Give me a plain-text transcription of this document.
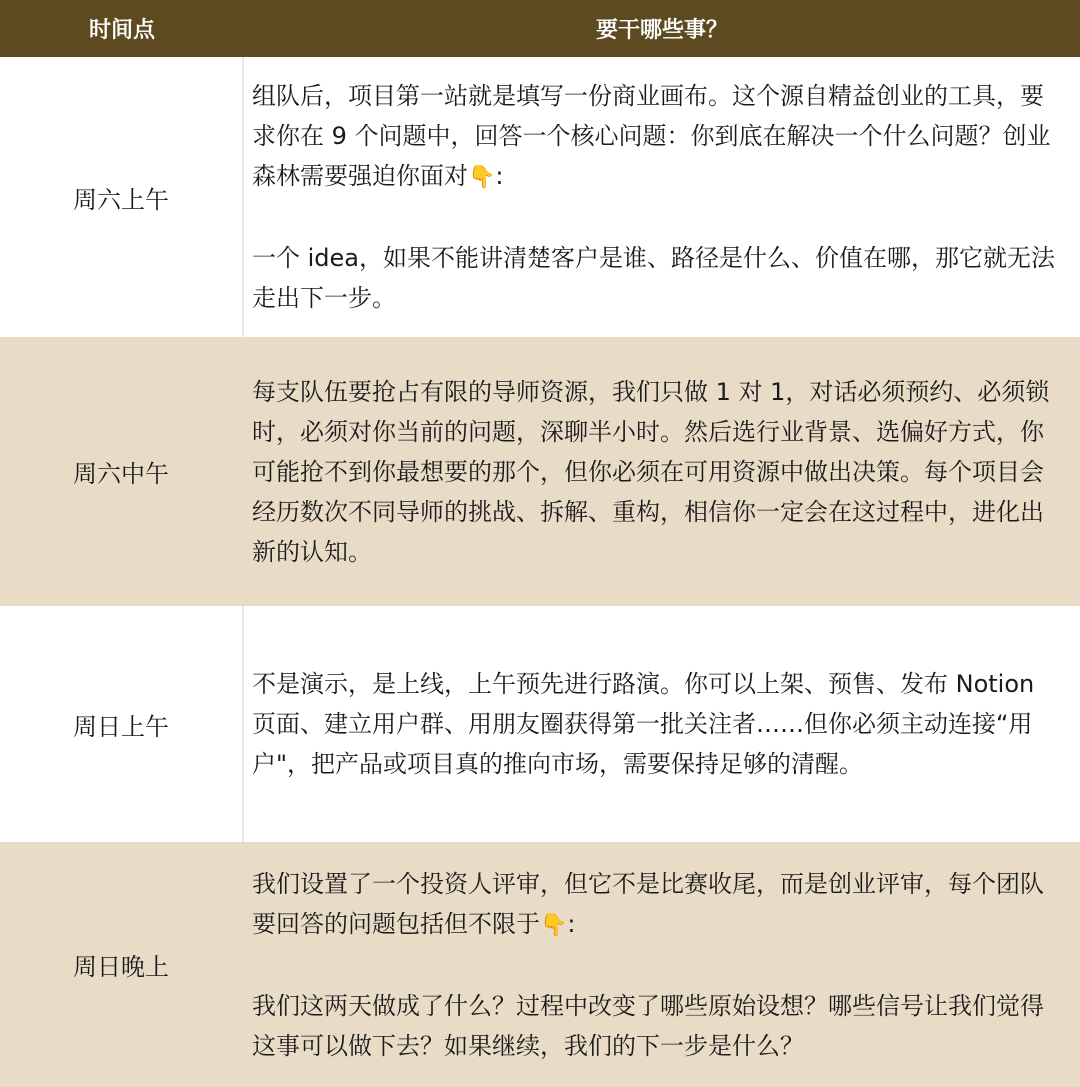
时间点	要干哪些事？
周六上午

组队后，项目第一站就是填写一份商业画布。这个源自精益创业的工具，要求你在 9 个问题中，回答一个核心问题：你到底在解决一个什么问题？创业森林需要强迫你面对👇:

一个 idea，如果不能讲清楚客户是谁、路径是什么、价值在哪，那它就无法走出下一步。

周六中午

每支队伍要抢占有限的导师资源，我们只做 1 对 1，对话必须预约、必须锁时，必须对你当前的问题，深聊半小时。然后选行业背景、选偏好方式，你可能抢不到你最想要的那个，但你必须在可用资源中做出决策。每个项目会经历数次不同导师的挑战、拆解、重构，相信你一定会在这过程中，进化出新的认知。

周日上午

不是演示，是上线，上午预先进行路演。你可以上架、预售、发布 Notion 页面、建立用户群、用朋友圈获得第一批关注者……但你必须主动连接“用户"，把产品或项目真的推向市场，需要保持足够的清醒。

周日晚上

我们设置了一个投资人评审，但它不是比赛收尾，而是创业评审，每个团队要回答的问题包括但不限于👇:

我们这两天做成了什么？过程中改变了哪些原始设想？哪些信号让我们觉得这事可以做下去？如果继续，我们的下一步是什么？
